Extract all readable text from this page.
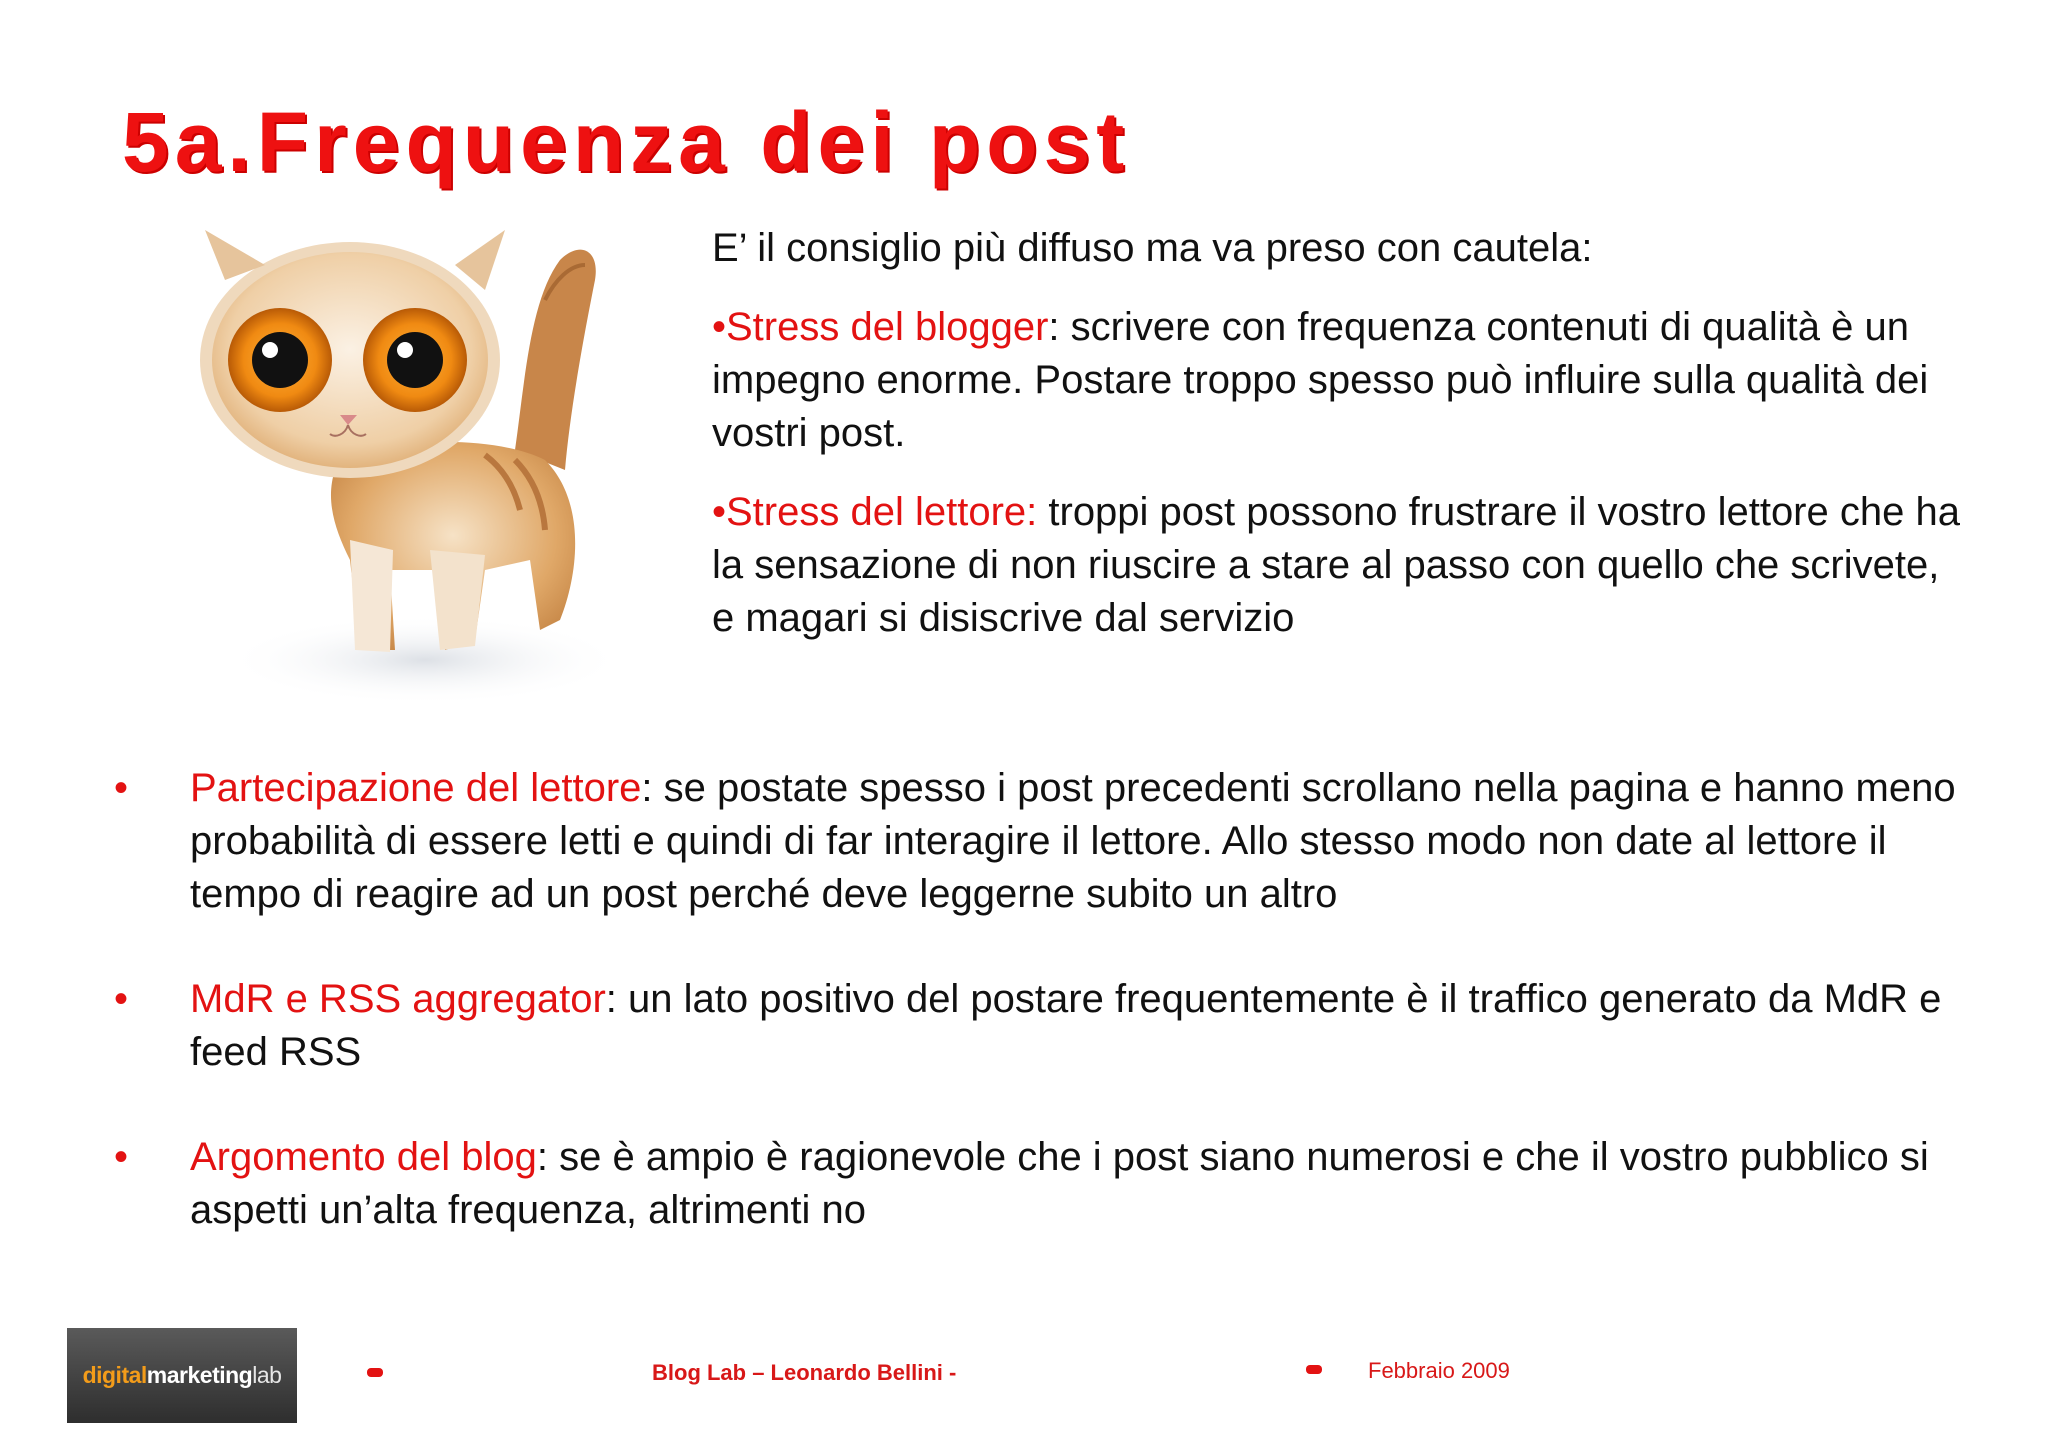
5a.Frequenza dei post

E’ il consiglio più diffuso ma va preso con cautela:

•Stress del blogger: scrivere con frequenza contenuti di qualità è un impegno enorme. Postare troppo spesso può influire sulla qualità dei vostri post.

•Stress del lettore: troppi post possono frustrare il vostro lettore che ha la sensazione di non riuscire a stare al passo con quello che scrivete, e magari si disiscrive dal servizio

• Partecipazione del lettore: se postate spesso i post precedenti scrollano nella pagina e hanno meno probabilità di essere letti e quindi di far interagire il lettore. Allo stesso modo non date al lettore il tempo di reagire ad un post perché deve leggerne subito un altro
• MdR e RSS aggregator: un lato positivo del postare frequentemente è il traffico generato da MdR e feed RSS
• Argomento del blog: se è ampio è ragionevole che i post siano numerosi e che il vostro pubblico si aspetti un’alta frequenza, altrimenti no
digital marketing lab	Blog Lab – Leonardo Bellini -	Febbraio 2009
